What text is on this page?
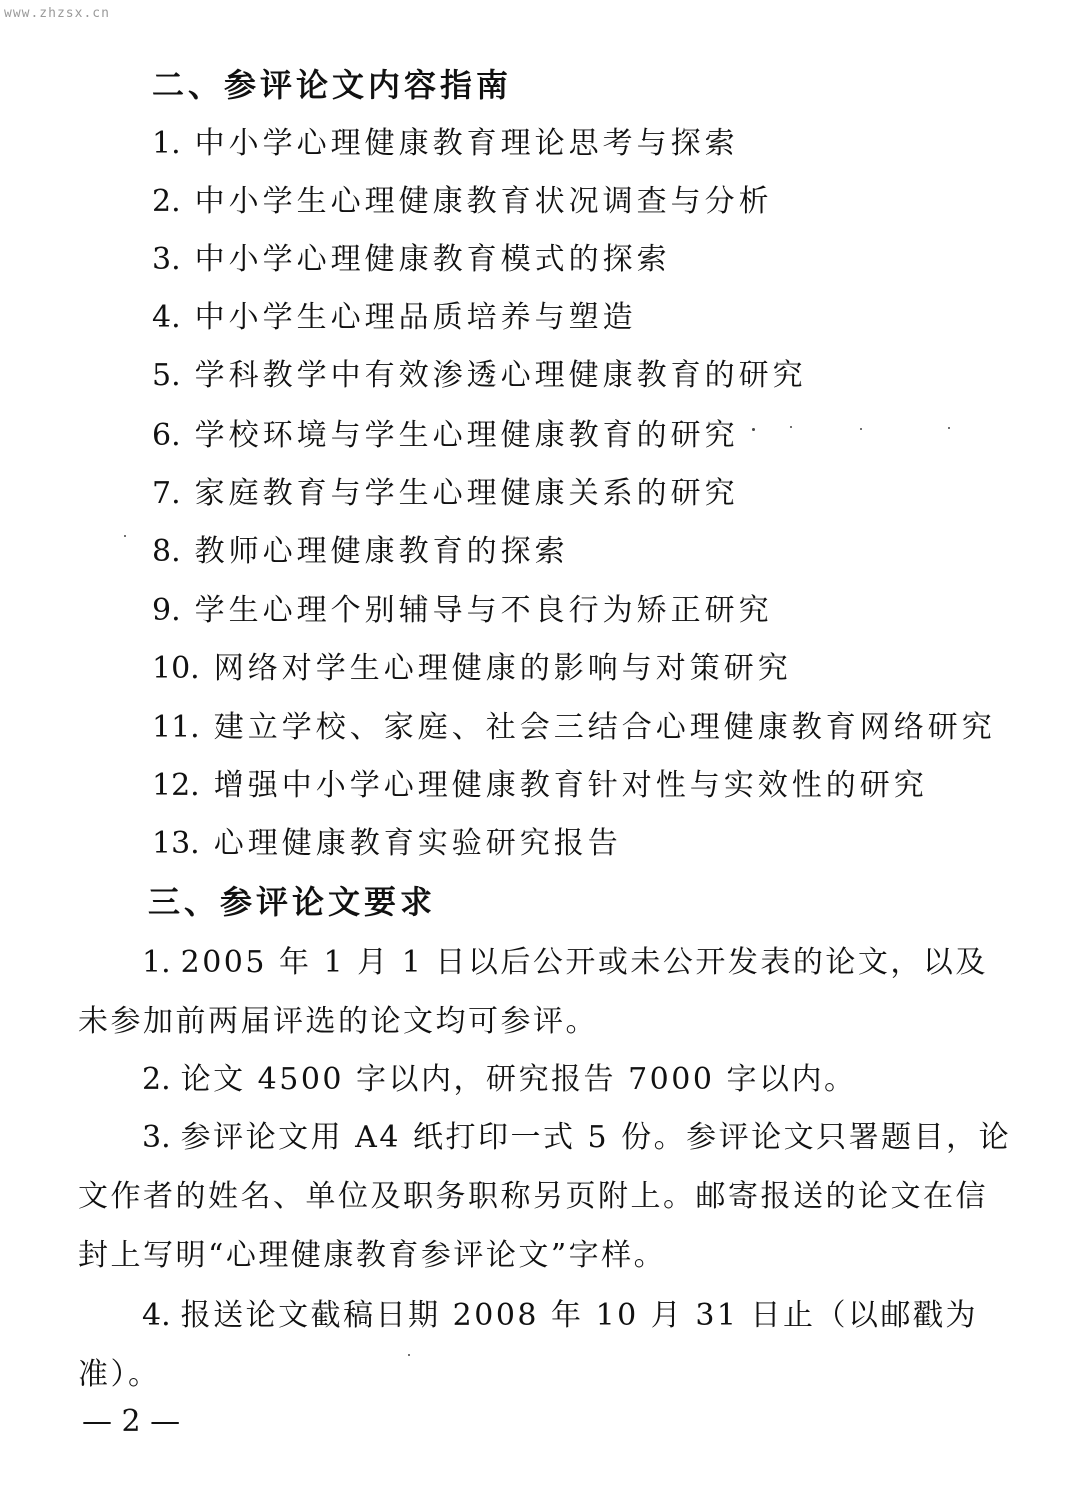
www.zhzsx.cn
二、参评论文内容指南
1. 中小学心理健康教育理论思考与探索
2. 中小学生心理健康教育状况调查与分析
3. 中小学心理健康教育模式的探索
4. 中小学生心理品质培养与塑造
5. 学科教学中有效渗透心理健康教育的研究
6. 学校环境与学生心理健康教育的研究
7. 家庭教育与学生心理健康关系的研究
8. 教师心理健康教育的探索
9. 学生心理个别辅导与不良行为矫正研究
10. 网络对学生心理健康的影响与对策研究
11. 建立学校、家庭、社会三结合心理健康教育网络研究
12. 增强中小学心理健康教育针对性与实效性的研究
13. 心理健康教育实验研究报告
三、参评论文要求
1. 2005 年 1 月 1 日以后公开或未公开发表的论文，以及未参加前两届评选的论文均可参评。
2. 论文 4500 字以内，研究报告 7000 字以内。
3. 参评论文用 A4 纸打印一式 5 份。参评论文只署题目，论文作者的姓名、单位及职务职称另页附上。邮寄报送的论文在信封上写明“心理健康教育参评论文”字样。
4. 报送论文截稿日期 2008 年 10 月 31 日止（以邮戳为准）。
— 2 —
